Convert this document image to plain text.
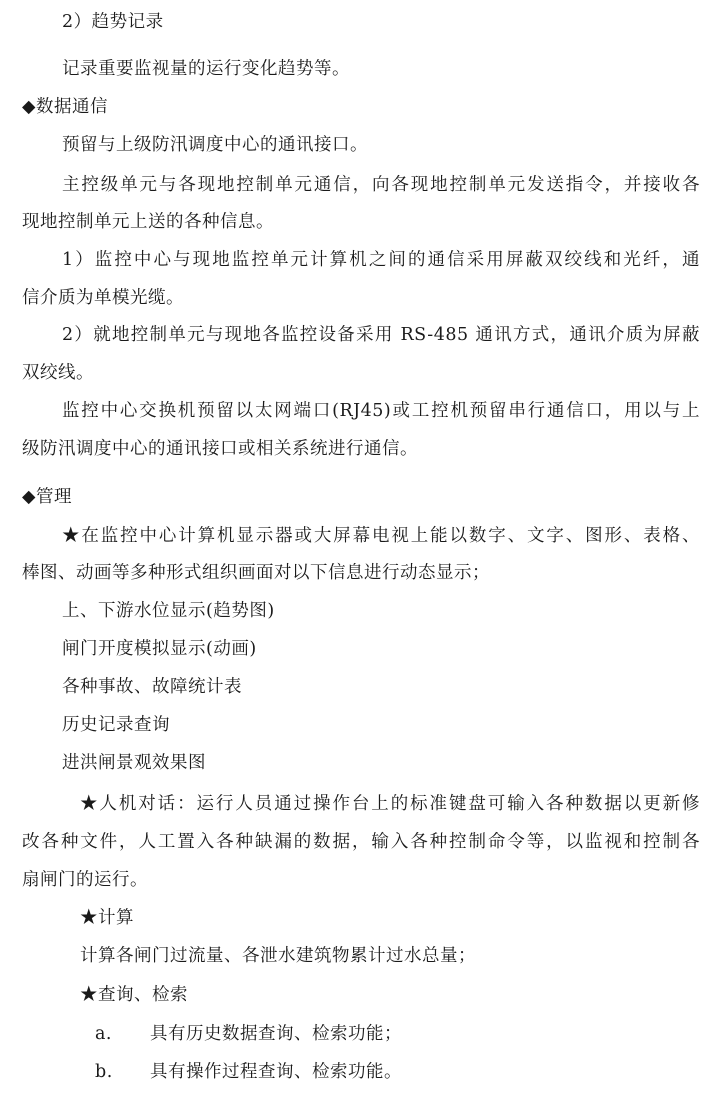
2）趋势记录
记录重要监视量的运行变化趋势等。
◆数据通信
预留与上级防汛调度中心的通讯接口。
主控级单元与各现地控制单元通信，向各现地控制单元发送指令，并接收各
现地控制单元上送的各种信息。
1）监控中心与现地监控单元计算机之间的通信采用屏蔽双绞线和光纤，通
信介质为单模光缆。
2）就地控制单元与现地各监控设备采用 RS-485 通讯方式，通讯介质为屏蔽
双绞线。
监控中心交换机预留以太网端口(RJ45)或工控机预留串行通信口，用以与上
级防汛调度中心的通讯接口或相关系统进行通信。
◆管理
★在监控中心计算机显示器或大屏幕电视上能以数字、文字、图形、表格、
棒图、动画等多种形式组织画面对以下信息进行动态显示；
上、下游水位显示(趋势图)
闸门开度模拟显示(动画)
各种事故、故障统计表
历史记录查询
进洪闸景观效果图
★人机对话：运行人员通过操作台上的标准键盘可输入各种数据以更新修
改各种文件，人工置入各种缺漏的数据，输入各种控制命令等，以监视和控制各
扇闸门的运行。
★计算
计算各闸门过流量、各泄水建筑物累计过水总量；
★查询、检索
a. 具有历史数据查询、检索功能；
b. 具有操作过程查询、检索功能。
